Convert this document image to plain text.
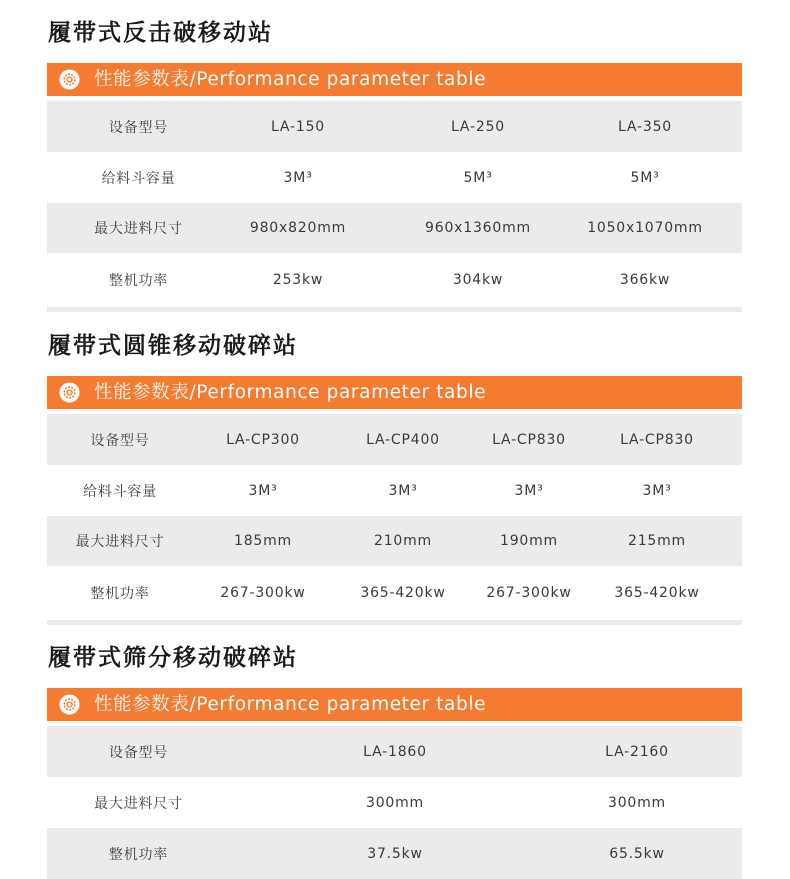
履带式反击破移动站
性能参数表/Performance parameter table
设备型号	LA-150	LA-250	LA-350
给料斗容量	3M³	5M³	5M³
最大进料尺寸	980x820mm	960x1360mm	1050x1070mm
整机功率	253kw	304kw	366kw
履带式圆锥移动破碎站
性能参数表/Performance parameter table
设备型号	LA-CP300	LA-CP400	LA-CP830	LA-CP830
给料斗容量	3M³	3M³	3M³	3M³
最大进料尺寸	185mm	210mm	190mm	215mm
整机功率	267-300kw	365-420kw	267-300kw	365-420kw
履带式筛分移动破碎站
性能参数表/Performance parameter table
设备型号	LA-1860	LA-2160
最大进料尺寸	300mm	300mm
整机功率	37.5kw	65.5kw
